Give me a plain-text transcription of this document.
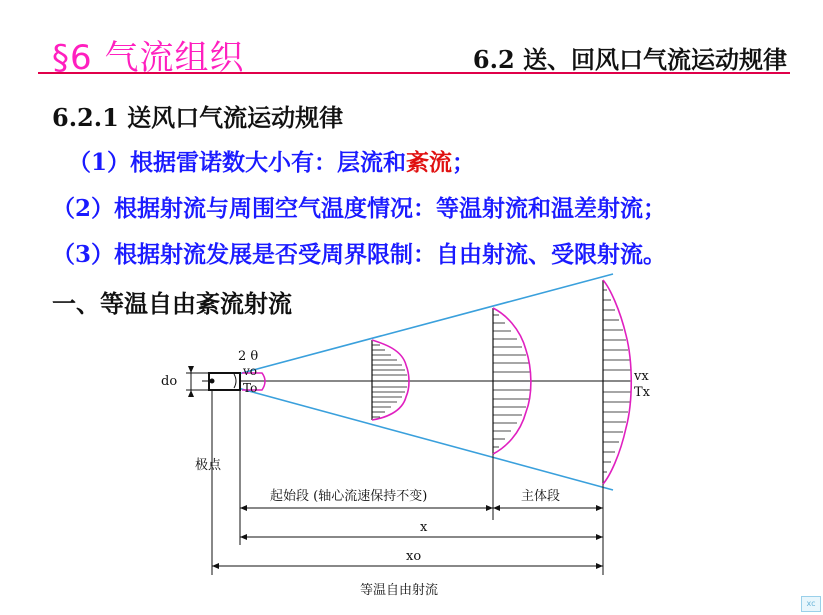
§6 气流组织	6.2 送、回风口气流运动规律
6.2.1 送风口气流运动规律
（1）根据雷诺数大小有：层流和紊流；
（2）根据射流与周围空气温度情况：等温射流和温差射流；
（3）根据射流发展是否受周界限制：自由射流、受限射流。
一、等温自由紊流射流
2 θ
do
vo
To
vx
Tx
极点
起始段 (轴心流速保持不变)	主体段
x
xo
等温自由射流
xc
